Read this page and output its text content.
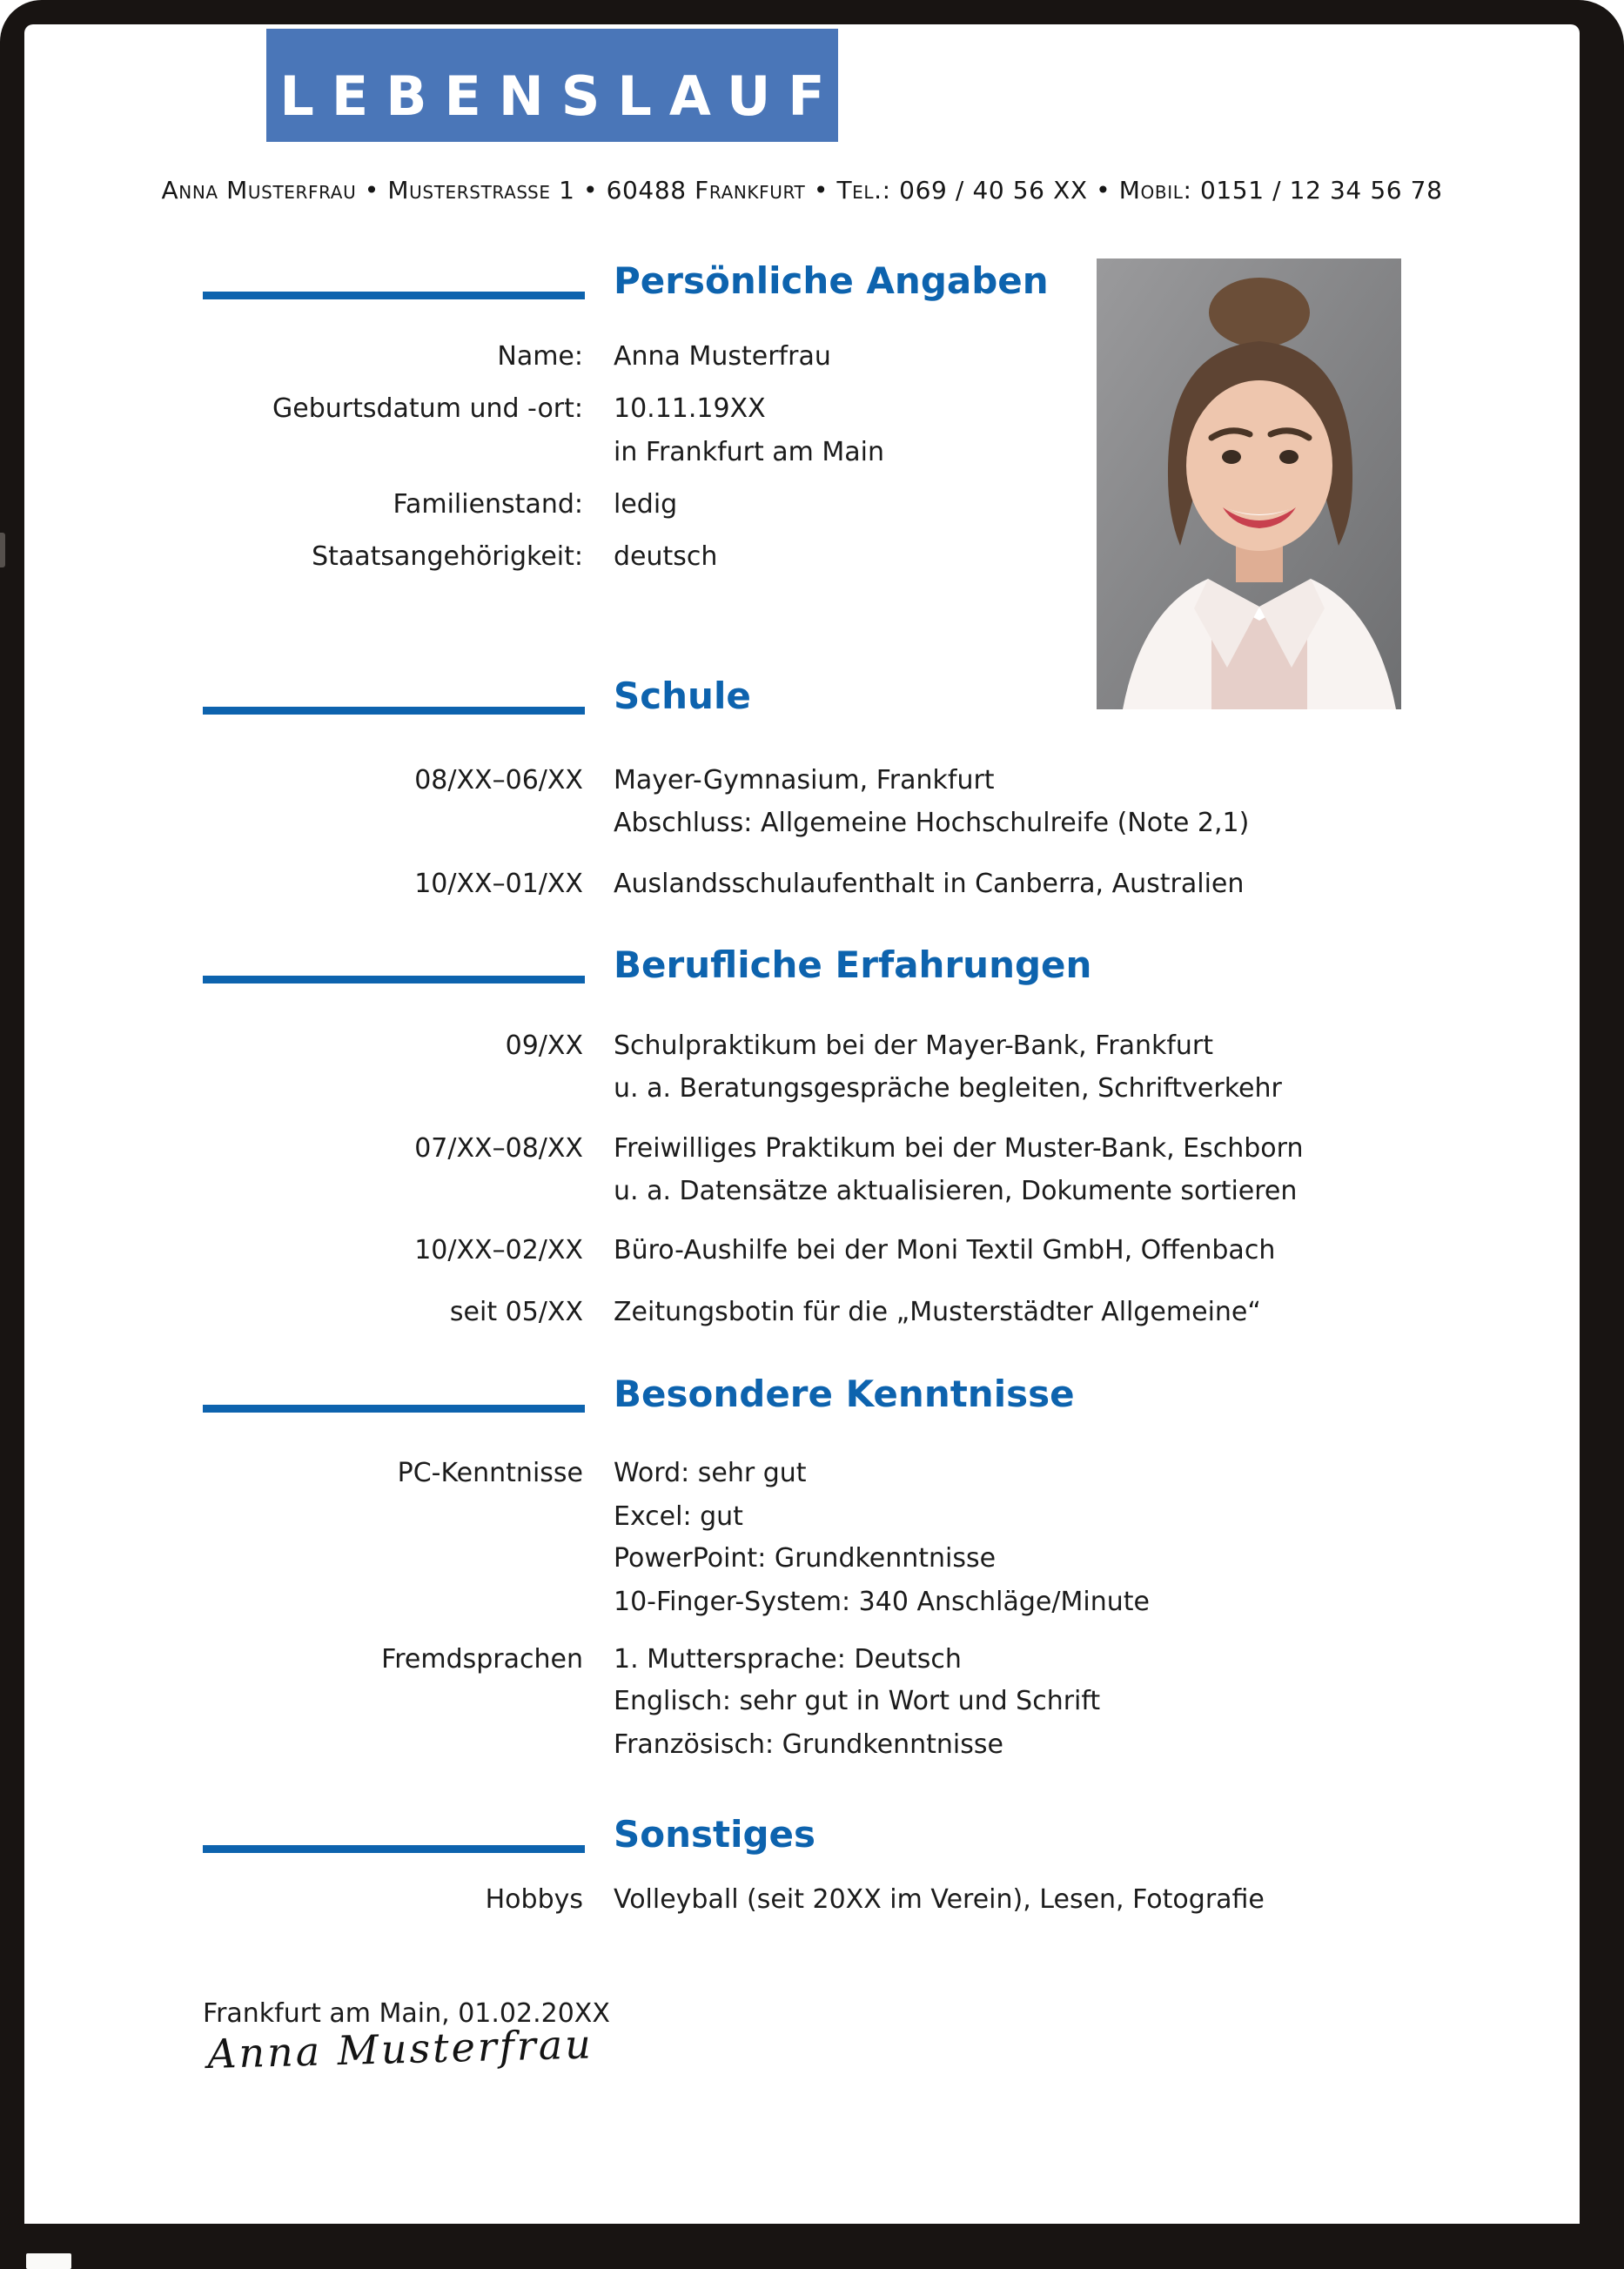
LEBENSLAUF
Anna Musterfrau • Musterstraße 1 • 60488 Frankfurt • Tel.: 069 / 40 56 XX • Mobil: 0151 / 12 34 56 78
Persönliche Angaben
Name: Anna Musterfrau
Geburtsdatum und -ort: 10.11.19XX
in Frankfurt am Main
Familienstand: ledig
Staatsangehörigkeit: deutsch
Schule
08/XX–06/XX Mayer-Gymnasium, Frankfurt
Abschluss: Allgemeine Hochschulreife (Note 2,1)
10/XX–01/XX Auslandsschulaufenthalt in Canberra, Australien
Berufliche Erfahrungen
09/XX Schulpraktikum bei der Mayer-Bank, Frankfurt
u. a. Beratungsgespräche begleiten, Schriftverkehr
07/XX–08/XX Freiwilliges Praktikum bei der Muster-Bank, Eschborn
u. a. Datensätze aktualisieren, Dokumente sortieren
10/XX–02/XX Büro-Aushilfe bei der Moni Textil GmbH, Offenbach
seit 05/XX Zeitungsbotin für die „Musterstädter Allgemeine“
Besondere Kenntnisse
PC-Kenntnisse Word: sehr gut
Excel: gut
PowerPoint: Grundkenntnisse
10-Finger-System: 340 Anschläge/Minute
Fremdsprachen 1. Muttersprache: Deutsch
Englisch: sehr gut in Wort und Schrift
Französisch: Grundkenntnisse
Sonstiges
Hobbys Volleyball (seit 20XX im Verein), Lesen, Fotografie
Frankfurt am Main, 01.02.20XX
Anna Musterfrau
